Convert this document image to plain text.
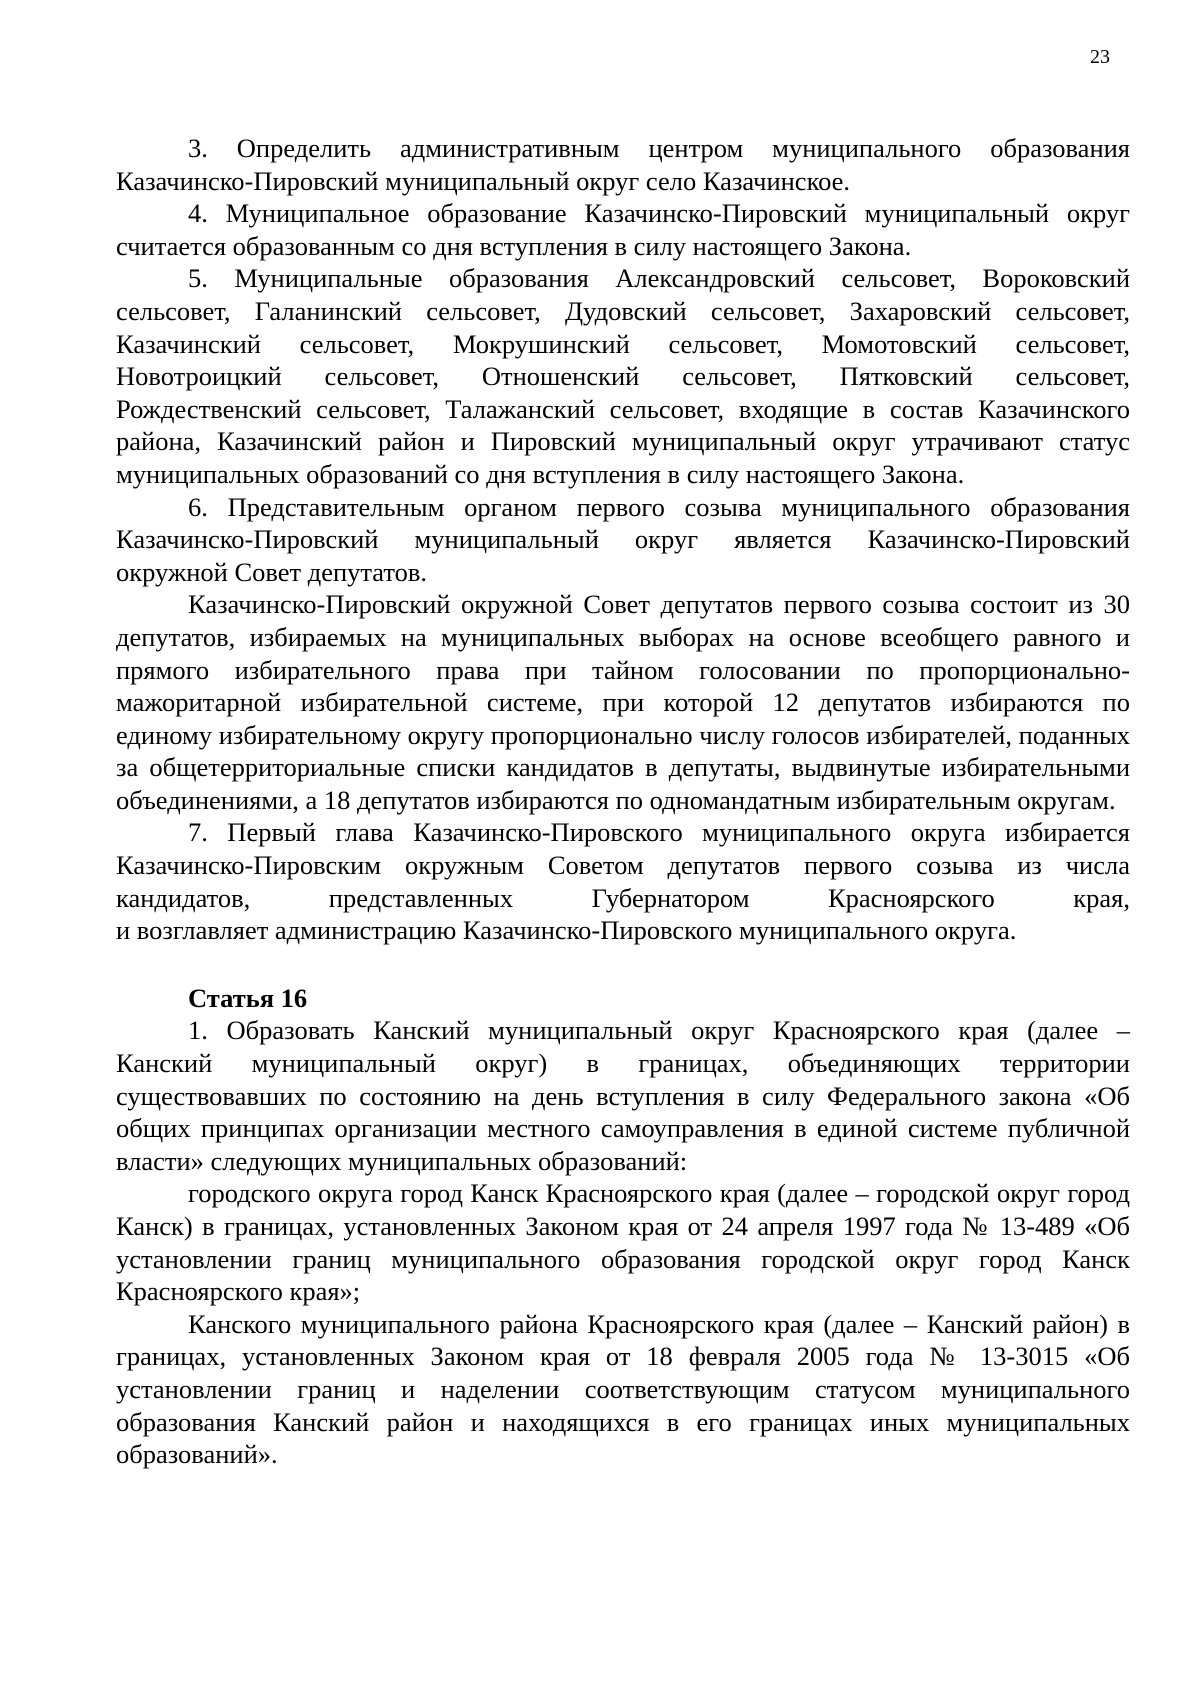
23

3. Определить административным центром муниципального образования Казачинско-Пировский муниципальный округ село Казачинское.

4. Муниципальное образование Казачинско-Пировский муниципальный округ считается образованным со дня вступления в силу настоящего Закона.

5. Муниципальные образования Александровский сельсовет, Вороковский сельсовет, Галанинский сельсовет, Дудовский сельсовет, Захаровский сельсовет, Казачинский сельсовет, Мокрушинский сельсовет, Момотовский сельсовет, Новотроицкий сельсовет, Отношенский сельсовет, Пятковский сельсовет, Рождественский сельсовет, Талажанский сельсовет, входящие в состав Казачинского района, Казачинский район и Пировский муниципальный округ утрачивают статус муниципальных образований со дня вступления в силу настоящего Закона.

6. Представительным органом первого созыва муниципального образования Казачинско-Пировский муниципальный округ является Казачинско-Пировский окружной Совет депутатов.

Казачинско-Пировский окружной Совет депутатов первого созыва состоит из 30 депутатов, избираемых на муниципальных выборах на основе всеобщего равного и прямого избирательного права при тайном голосовании по пропорционально-мажоритарной избирательной системе, при которой 12 депутатов избираются по единому избирательному округу пропорционально числу голосов избирателей, поданных за общетерриториальные списки кандидатов в депутаты, выдвинутые избирательными объединениями, а 18 депутатов избираются по одномандатным избирательным округам.

7. Первый глава Казачинско-Пировского муниципального округа избирается Казачинско-Пировским окружным Советом депутатов первого созыва из числа кандидатов, представленных Губернатором Красноярского края,

и возглавляет администрацию Казачинско-Пировского муниципального округа.

Статья 16

1. Образовать Канский муниципальный округ Красноярского края (далее – Канский муниципальный округ) в границах, объединяющих территории существовавших по состоянию на день вступления в силу Федерального закона «Об общих принципах организации местного самоуправления в единой системе публичной власти» следующих муниципальных образований:

городского округа город Канск Красноярского края (далее – городской округ город Канск) в границах, установленных Законом края от 24 апреля 1997 года № 13-489 «Об установлении границ муниципального образования городской округ город Канск Красноярского края»;

Канского муниципального района Красноярского края (далее – Канский район) в границах, установленных Законом края от 18 февраля 2005 года № 13-3015 «Об установлении границ и наделении соответствующим статусом муниципального образования Канский район и находящихся в его границах иных муниципальных образований».
